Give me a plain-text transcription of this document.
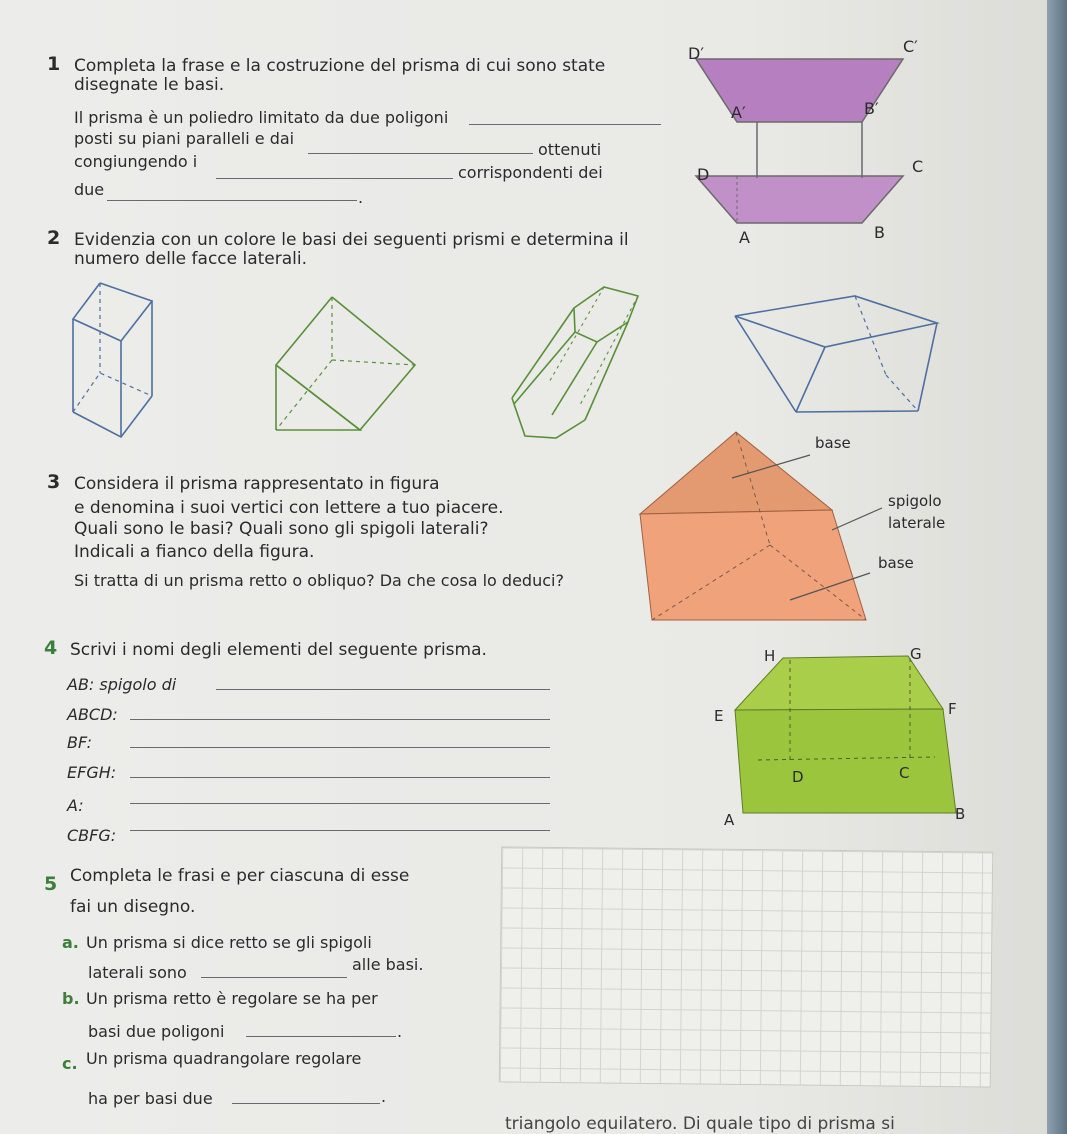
1 Completa la frase e la costruzione del prisma di cui sono state
disegnate le basi.
Il prisma è un poliedro limitato da due poligoni
posti su piani paralleli e dai
ottenuti
congiungendo i
corrispondenti dei
due	.
D′	C′
A′	B′
D	C
A	B
2 Evidenzia con un colore le basi dei seguenti prismi e determina il
numero delle facce laterali.
3 Considera il prisma rappresentato in figura
e denomina i suoi vertici con lettere a tuo piacere.
Quali sono le basi? Quali sono gli spigoli laterali?
Indicali a fianco della figura.
Si tratta di un prisma retto o obliquo? Da che cosa lo deduci?
base
spigolo
laterale
base
4 Scrivi i nomi degli elementi del seguente prisma.
AB: spigolo di
ABCD:
BF:
EFGH:
A:
CBFG:
H	G
E	F
D	C
A	B
5 Completa le frasi e per ciascuna di esse
fai un disegno.
a. Un prisma si dice retto se gli spigoli
laterali sono	alle basi.
b. Un prisma retto è regolare se ha per
basi due poligoni	.
c. Un prisma quadrangolare regolare
ha per basi due	.
triangolo equilatero. Di quale tipo di prisma si
